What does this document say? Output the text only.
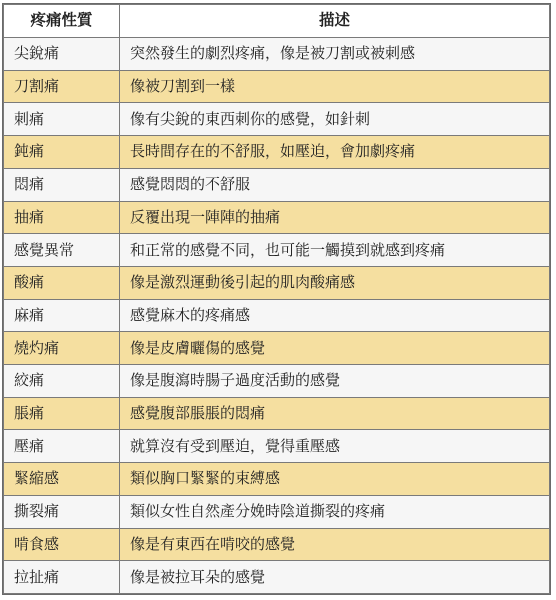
疼痛性質	描述
尖銳痛	突然發生的劇烈疼痛，像是被刀割或被刺感
刀割痛	像被刀割到一樣
刺痛	像有尖銳的東西刺你的感覺，如針刺
鈍痛	長時間存在的不舒服，如壓迫，會加劇疼痛
悶痛	感覺悶悶的不舒服
抽痛	反覆出現一陣陣的抽痛
感覺異常	和正常的感覺不同，也可能一觸摸到就感到疼痛
酸痛	像是激烈運動後引起的肌肉酸痛感
麻痛	感覺麻木的疼痛感
燒灼痛	像是皮膚曬傷的感覺
絞痛	像是腹瀉時腸子過度活動的感覺
脹痛	感覺腹部脹脹的悶痛
壓痛	就算沒有受到壓迫，覺得重壓感
緊縮感	類似胸口緊緊的束縛感
撕裂痛	類似女性自然產分娩時陰道撕裂的疼痛
啃食感	像是有東西在啃咬的感覺
拉扯痛	像是被拉耳朵的感覺
